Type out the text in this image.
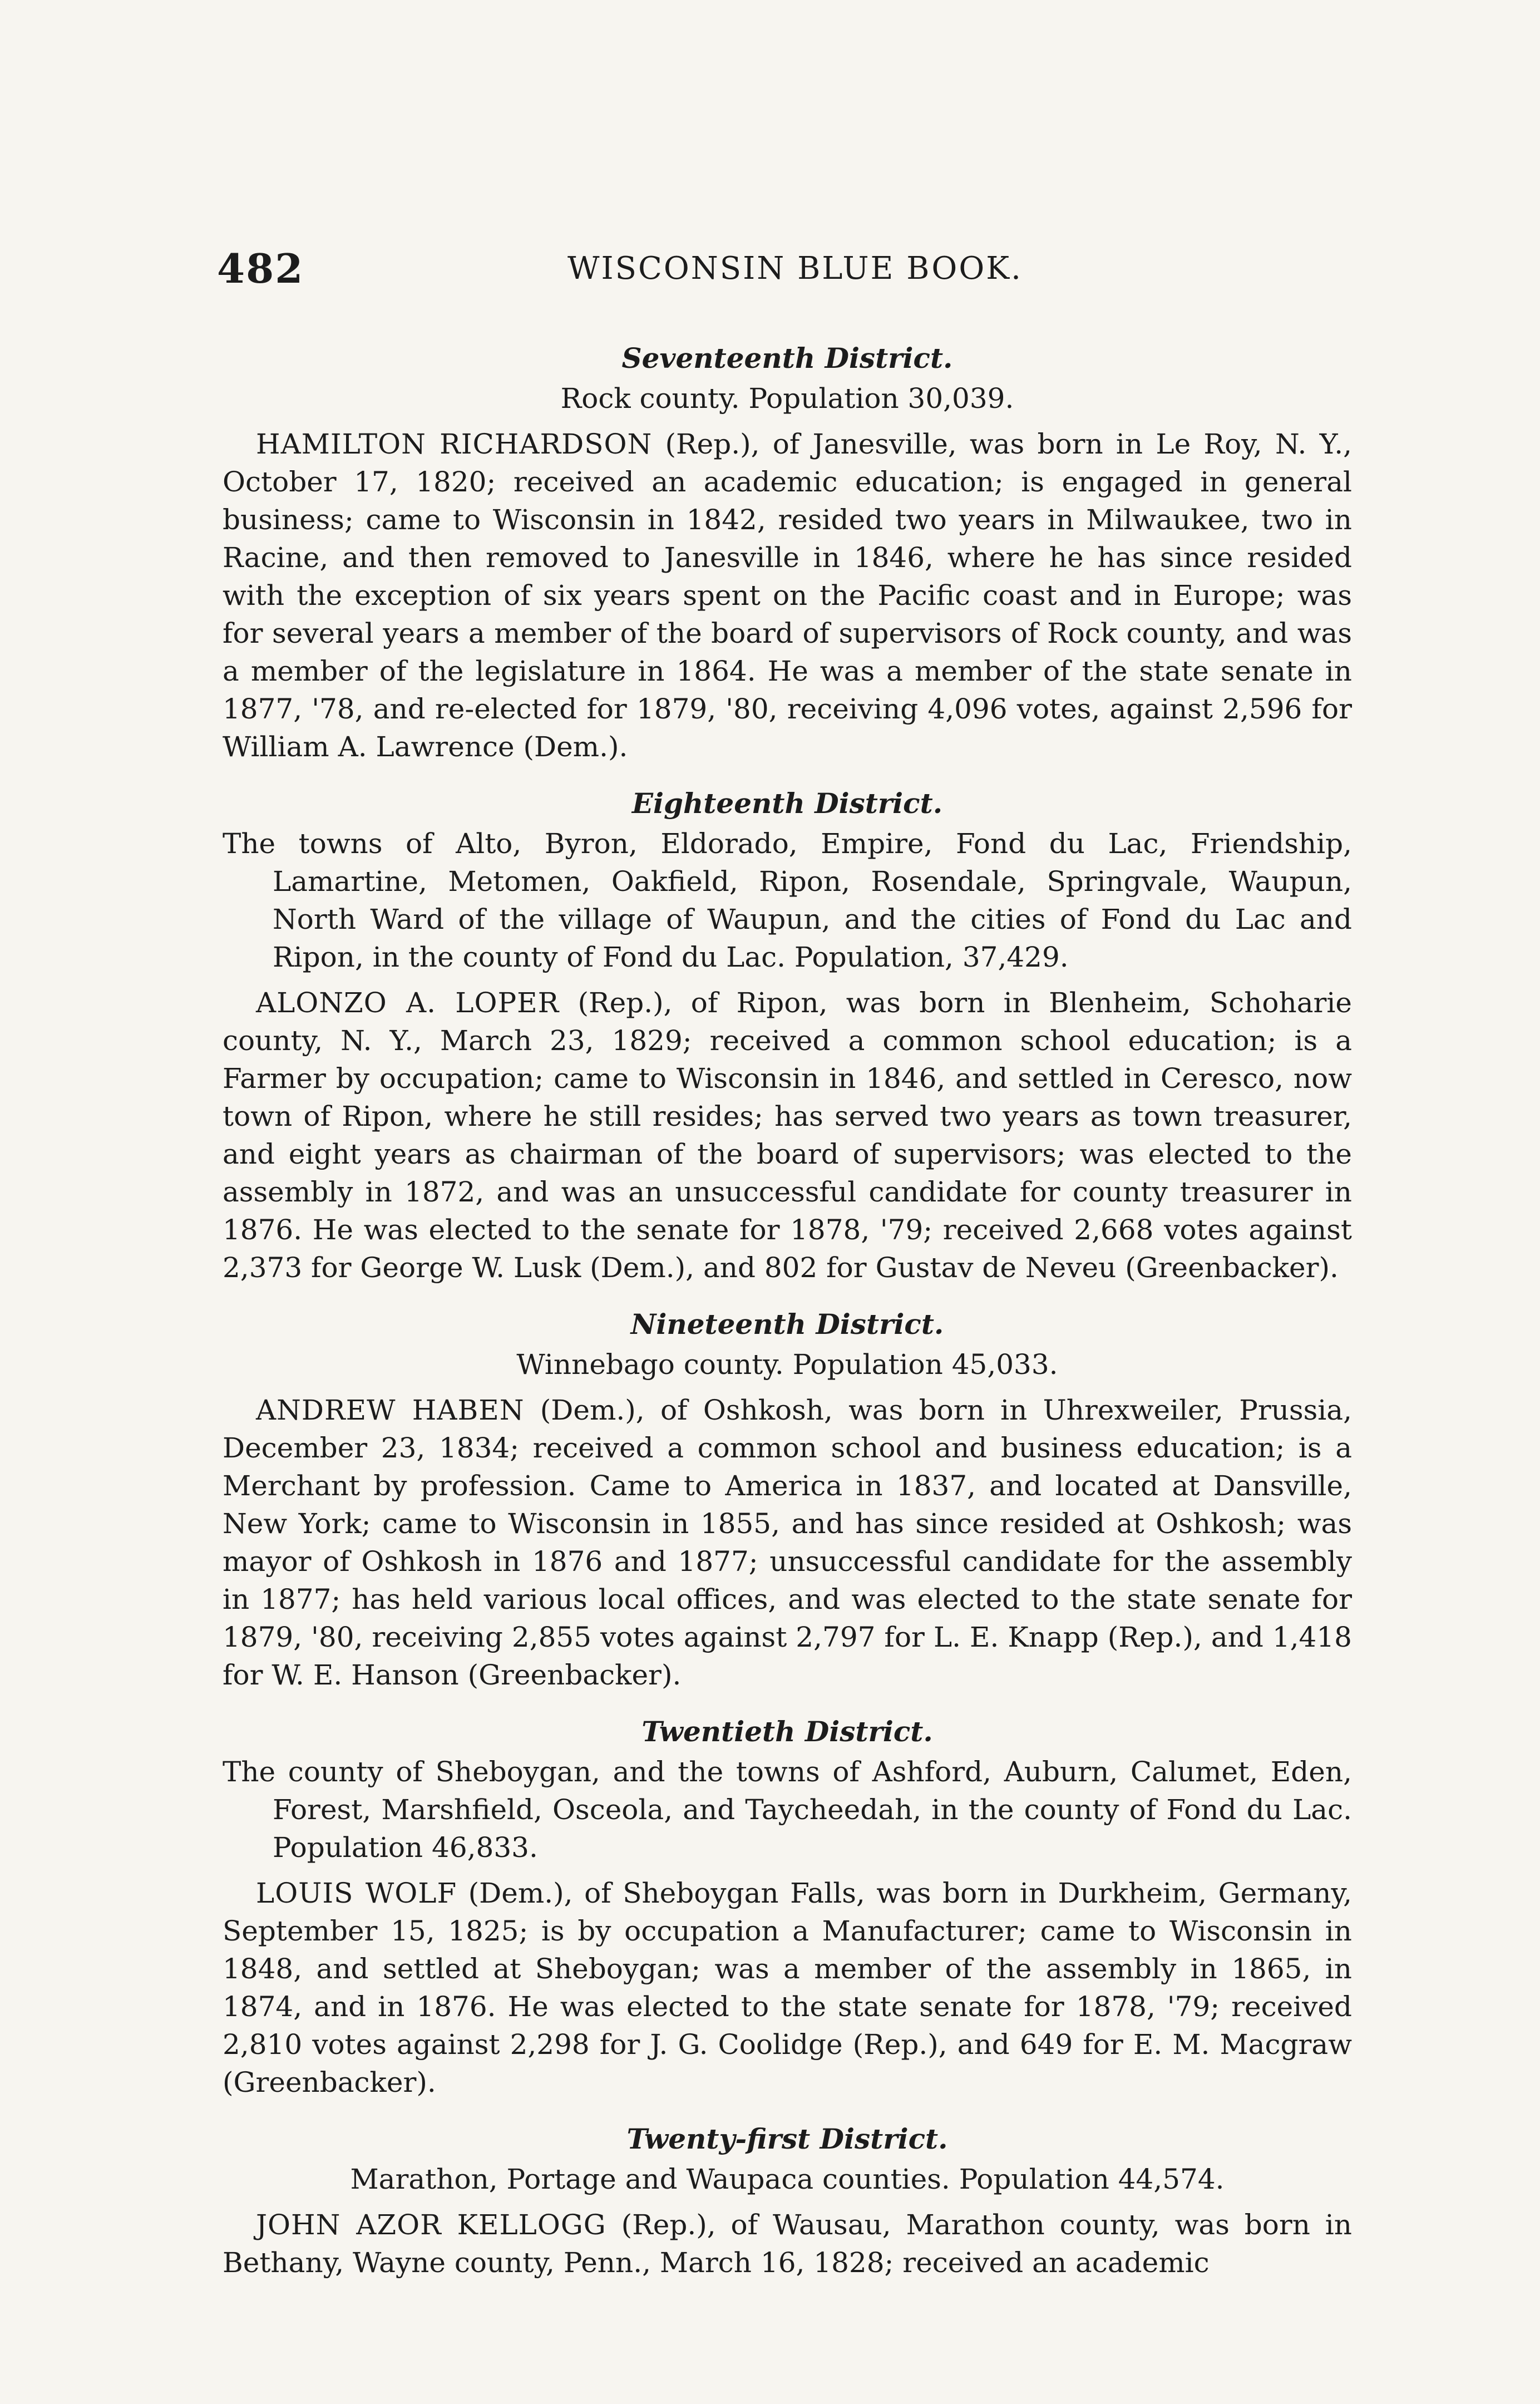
482	WISCONSIN BLUE BOOK.

Seventeenth District.

Rock county. Population 30,039.

HAMILTON RICHARDSON (Rep.), of Janesville, was born in Le Roy, N. Y., October 17, 1820; received an academic education; is engaged in general business; came to Wisconsin in 1842, resided two years in Milwaukee, two in Racine, and then removed to Janesville in 1846, where he has since resided with the exception of six years spent on the Pacific coast and in Europe; was for several years a member of the board of supervisors of Rock county, and was a member of the legislature in 1864. He was a member of the state senate in 1877, '78, and re-elected for 1879, '80, receiving 4,096 votes, against 2,596 for William A. Lawrence (Dem.).

Eighteenth District.

The towns of Alto, Byron, Eldorado, Empire, Fond du Lac, Friendship, Lamartine, Metomen, Oakfield, Ripon, Rosendale, Springvale, Waupun, North Ward of the village of Waupun, and the cities of Fond du Lac and Ripon, in the county of Fond du Lac. Population, 37,429.

ALONZO A. LOPER (Rep.), of Ripon, was born in Blenheim, Schoharie county, N. Y., March 23, 1829; received a common school education; is a Farmer by occupation; came to Wisconsin in 1846, and settled in Ceresco, now town of Ripon, where he still resides; has served two years as town treasurer, and eight years as chairman of the board of supervisors; was elected to the assembly in 1872, and was an unsuccessful candidate for county treasurer in 1876. He was elected to the senate for 1878, '79; received 2,668 votes against 2,373 for George W. Lusk (Dem.), and 802 for Gustav de Neveu (Greenbacker).

Nineteenth District.

Winnebago county. Population 45,033.

ANDREW HABEN (Dem.), of Oshkosh, was born in Uhrexweiler, Prussia, December 23, 1834; received a common school and business education; is a Merchant by profession. Came to America in 1837, and located at Dansville, New York; came to Wisconsin in 1855, and has since resided at Oshkosh; was mayor of Oshkosh in 1876 and 1877; unsuccessful candidate for the assembly in 1877; has held various local offices, and was elected to the state senate for 1879, '80, receiving 2,855 votes against 2,797 for L. E. Knapp (Rep.), and 1,418 for W. E. Hanson (Greenbacker).

Twentieth District.

The county of Sheboygan, and the towns of Ashford, Auburn, Calumet, Eden, Forest, Marshfield, Osceola, and Taycheedah, in the county of Fond du Lac. Population 46,833.

LOUIS WOLF (Dem.), of Sheboygan Falls, was born in Durkheim, Germany, September 15, 1825; is by occupation a Manufacturer; came to Wisconsin in 1848, and settled at Sheboygan; was a member of the assembly in 1865, in 1874, and in 1876. He was elected to the state senate for 1878, '79; received 2,810 votes against 2,298 for J. G. Coolidge (Rep.), and 649 for E. M. Macgraw (Greenbacker).

Twenty-first District.

Marathon, Portage and Waupaca counties. Population 44,574.

JOHN AZOR KELLOGG (Rep.), of Wausau, Marathon county, was born in Bethany, Wayne county, Penn., March 16, 1828; received an academic
